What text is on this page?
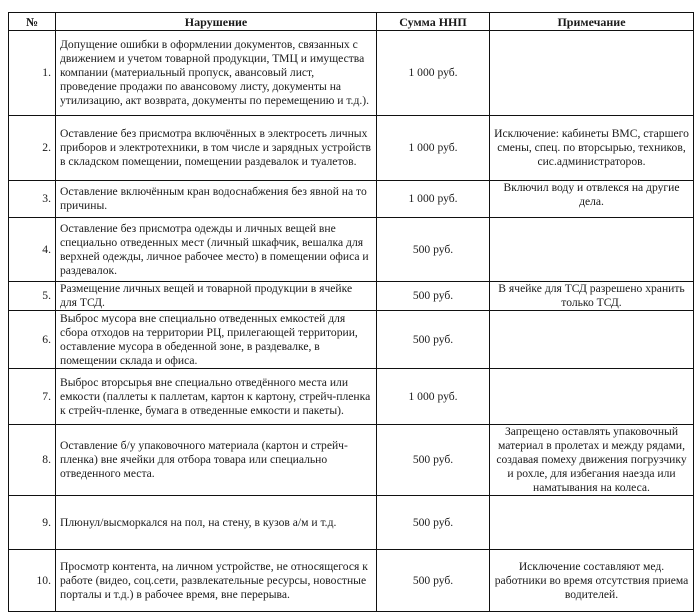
№	Нарушение	Сумма ННП	Примечание
1.	Допущение ошибки в оформлении документов, связанных с движением и учетом товарной продукции, ТМЦ и имущества компании (материальный пропуск, авансовый лист, проведение продажи по авансовому листу, документы на утилизацию, акт возврата, документы по перемещению и т.д.).	1 000 руб.	
2.	Оставление без присмотра включённых в электросеть личных приборов и электротехники, в том числе и зарядных устройств в складском помещении, помещении раздевалок и туалетов.	1 000 руб.	Исключение: кабинеты ВМС, старшего смены, спец. по вторсырью, техников, сис.администраторов.
3.	Оставление включённым кран водоснабжения без явной на то причины.	1 000 руб.	Включил воду и отвлекся на другие дела.
4.	Оставление без присмотра одежды и личных вещей вне специально отведенных мест (личный шкафчик, вешалка для верхней одежды, личное рабочее место) в помещении офиса и раздевалок.	500 руб.	
5.	Размещение личных вещей и товарной продукции в ячейке для ТСД.	500 руб.	В ячейке для ТСД разрешено хранить только ТСД.
6.	Выброс мусора вне специально отведенных емкостей для сбора отходов на территории РЦ, прилегающей территории, оставление мусора в обеденной зоне, в раздевалке, в помещении склада и офиса.	500 руб.	
7.	Выброс вторсырья вне специально отведённого места или емкости (паллеты к паллетам, картон к картону, стрейч-пленка к стрейч-пленке, бумага в отведенные емкости и пакеты).	1 000 руб.	
8.	Оставление б/у упаковочного материала (картон и стрейч-пленка) вне ячейки для отбора товара или специально отведенного места.	500 руб.	Запрещено оставлять упаковочный материал в пролетах и между рядами, создавая помеху движения погрузчику и рохле, для избегания наезда или наматывания на колеса.
9.	Плюнул/высморкался на пол, на стену, в кузов а/м и т.д.	500 руб.	
10.	Просмотр контента, на личном устройстве, не относящегося к работе (видео, соц.сети, развлекательные ресурсы, новостные порталы и т.д.) в рабочее время, вне перерыва.	500 руб.	Исключение составляют мед. работники во время отсутствия приема водителей.
